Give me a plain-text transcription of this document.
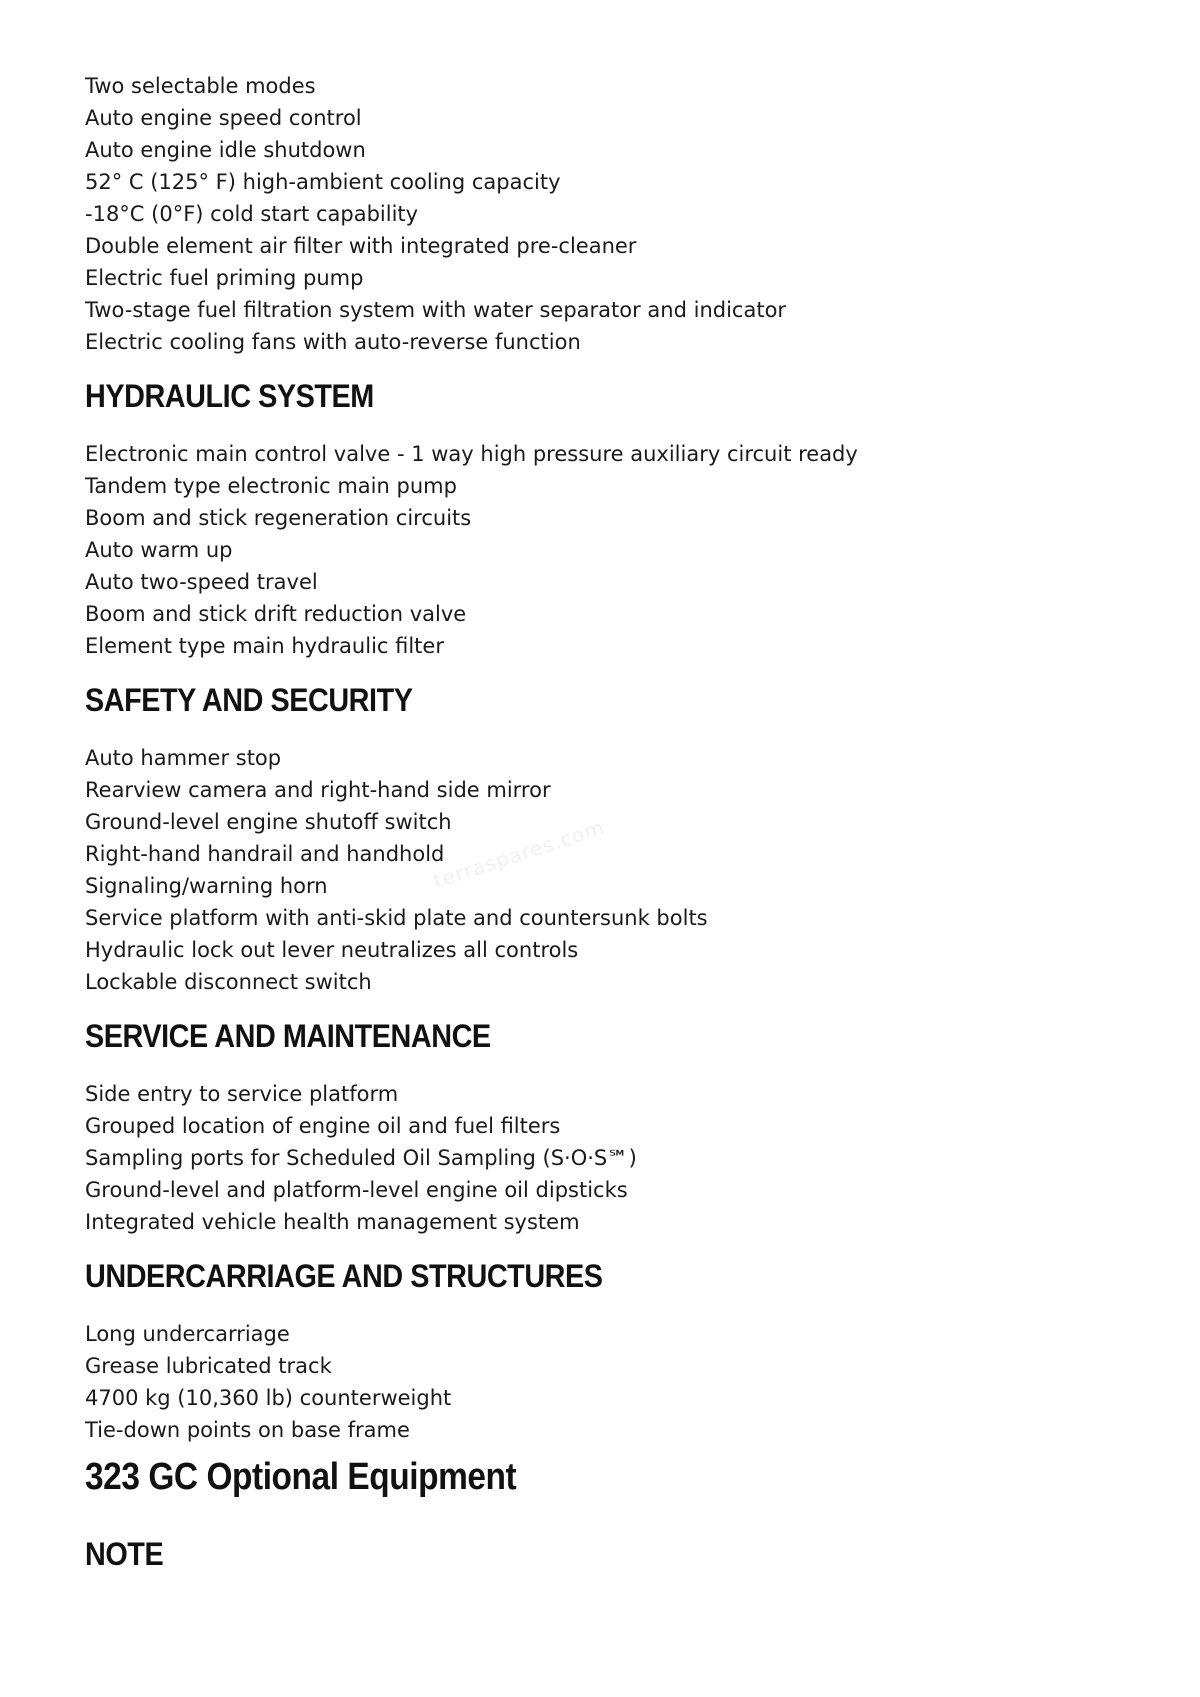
terraspares.com
Two selectable modes
Auto engine speed control
Auto engine idle shutdown
52° C (125° F) high-ambient cooling capacity
-18°C (0°F) cold start capability
Double element air filter with integrated pre-cleaner
Electric fuel priming pump
Two-stage fuel filtration system with water separator and indicator
Electric cooling fans with auto-reverse function
HYDRAULIC SYSTEM
Electronic main control valve - 1 way high pressure auxiliary circuit ready
Tandem type electronic main pump
Boom and stick regeneration circuits
Auto warm up
Auto two-speed travel
Boom and stick drift reduction valve
Element type main hydraulic filter
SAFETY AND SECURITY
Auto hammer stop
Rearview camera and right-hand side mirror
Ground-level engine shutoff switch
Right-hand handrail and handhold
Signaling/warning horn
Service platform with anti-skid plate and countersunk bolts
Hydraulic lock out lever neutralizes all controls
Lockable disconnect switch
SERVICE AND MAINTENANCE
Side entry to service platform
Grouped location of engine oil and fuel filters
Sampling ports for Scheduled Oil Sampling (S·O·S℠)
Ground-level and platform-level engine oil dipsticks
Integrated vehicle health management system
UNDERCARRIAGE AND STRUCTURES
Long undercarriage
Grease lubricated track
4700 kg (10,360 lb) counterweight
Tie-down points on base frame
323 GC Optional Equipment
NOTE
